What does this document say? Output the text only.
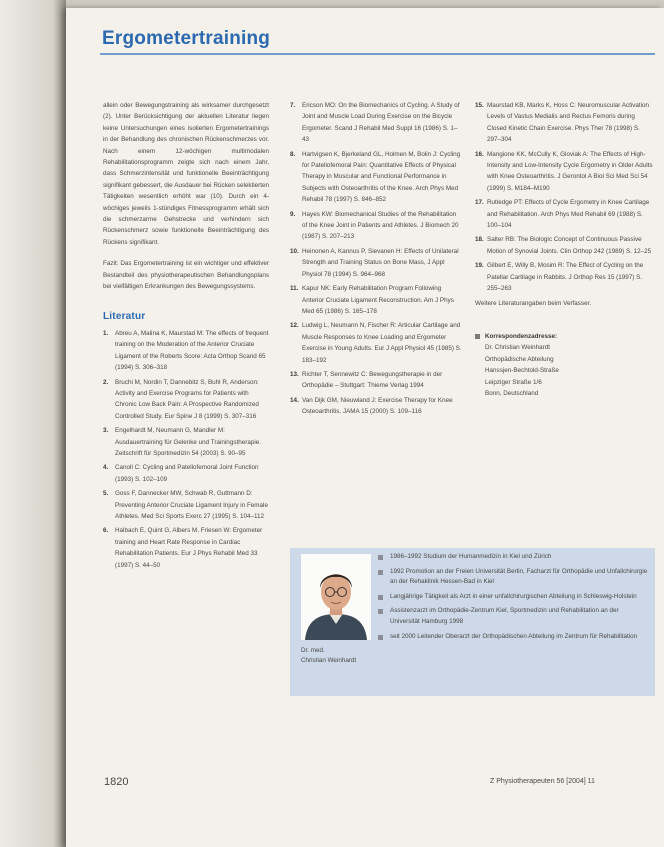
Ergometertraining

allein oder Bewegungstraining als wirksamer durchgesetzt (2). Unter Berücksichtigung der aktuellen Literatur liegen keine Untersuchungen eines isolierten Ergometertrainings in der Behandlung des chronischen Rückenschmerzes vor. Nach einem 12-wöchigen multimodalen Rehabilitationsprogramm zeigte sich nach einem Jahr, dass Schmerzintensität und funktionelle Beeinträchtigung signifikant gebessert, die Ausdauer bei Rücken selektierten Tätigkeiten wesentlich erhöht war (10). Durch ein 4-wöchiges jeweils 1-stündiges Fitnessprogramm erhält sich die schmerzarme Gehstrecke und verhindern sich Rückenschmerz sowie funktionelle Beeinträchtigung des Rückens signifikant.

Fazit: Das Ergometertraining ist ein wichtiger und effektiver Bestandteil des physiotherapeutischen Behandlungsplans bei vielfältigen Erkrankungen des Bewegungssystems.

Literatur
1.	Abreu A, Malina K, Maurstad M: The effects of frequent training on the Moderation of the Anterior Cruciate Ligament of the Roberts Score: Acta Orthop Scand 65 (1994) S. 306–318
2.	Bruchi M, Nordin T, Dannebitz S, Buhl R, Anderson: Activity and Exercise Programs for Patients with Chronic Low Back Pain: A Prospective Randomized Controlled Study. Eur Spine J 8 (1999) S. 307–316
3.	Engelhardt M, Neumann G, Mandler M: Ausdauertraining für Gelenke und Trainingstherapie. Zeitschrift für Sportmedizin 54 (2003) S. 90–95
4.	Canoll C: Cycling and Patellofemoral Joint Function (1993) S. 102–109
5.	Goss F, Dannecker MW, Schwab R, Guttmann D: Preventing Anterior Cruciate Ligament Injury in Female Athletes. Med Sci Sports Exerc 27 (1995) S. 104–112
6.	Halbach E, Quint G, Albers M, Friesen W: Ergometer training and Heart Rate Response in Cardiac Rehabilitation Patients. Eur J Phys Rehabil Med 33 (1997) S. 44–50
7.	Ericson MO: On the Biomechanics of Cycling. A Study of Joint and Muscle Load During Exercise on the Bicycle Ergometer. Scand J Rehabil Med Suppl 16 (1986) S. 1–43
8.	Hartvigsen K, Bjerkeland GL, Holmen M, Bolin J: Cycling for Patellofemoral Pain: Quantitative Effects of Physical Therapy in Muscular and Functional Performance in Subjects with Osteoarthritis of the Knee. Arch Phys Med Rehabil 78 (1997) S. 846–852
9.	Hayes KW: Biomechanical Studies of the Rehabilitation of the Knee Joint in Patients and Athletes. J Biomech 20 (1987) S. 207–213
10. Heinonen A, Kannus P, Sievanen H: Effects of Unilateral Strength and Training Status on Bone Mass, J Appl Physiol 78 (1994) S. 964–968
11. Kapur NK: Early Rehabilitation Program Following Anterior Cruciate Ligament Reconstruction. Am J Phys Med 65 (1986) S. 165–178
12. Ludwig L, Neumann N, Fischer R: Articular Cartilage and Muscle Responses to Knee Loading and Ergometer Exercise in Young Adults. Eur J Appl Physiol 45 (1985) S. 183–192
13. Richter T, Sennewitz C: Bewegungstherapie in der Orthopädie – Stuttgart: Thieme Verlag 1994
14. Van Dijk GM, Nieuwland J: Exercise Therapy for Knee Osteoarthritis. JAMA 15 (2000) S. 109–116
15. Maurstad KB, Marks K, Hoss C: Neuromuscular Activation Levels of Vastus Medialis and Rectus Femoris during Closed Kinetic Chain Exercise. Phys Ther 78 (1998) S. 297–304
16. Mangione KK, McCully K, Gloviak A: The Effects of High-Intensity and Low-Intensity Cycle Ergometry in Older Adults with Knee Osteoarthritis. J Gerontol A Biol Sci Med Sci 54 (1999) S. M184–M190
17. Rutledge PT: Effects of Cycle Ergometry in Knee Cartilage and Rehabilitation. Arch Phys Med Rehabil 69 (1988) S. 100–104
18. Salter RB: The Biologic Concept of Continuous Passive Motion of Synovial Joints. Clin Orthop 242 (1989) S. 12–25
19. Gilbert E, Willy B, Mosim R: The Effect of Cycling on the Patellar Cartilage in Rabbits. J Orthop Res 15 (1997) S. 255–263
Weitere Literaturangaben beim Verfasser.
Korrespondenzadresse:
Dr. Christian Weinhardt
Orthopädische Abteilung
Hanssjen-Bechtold-Straße
Leipziger Straße 1/6
Bonn, Deutschland
Dr. med.
Christian Weinhardt
1986–1992 Studium der Humanmedizin in Kiel und Zürich
1992 Promotion an der Freien Universität Berlin, Facharzt für Orthopädie und Unfallchirurgie an der Rehaklinik Hessen-Bad in Kiel
Langjährige Tätigkeit als Arzt in einer unfallchirurgischen Abteilung in Schleswig-Holstein
Assistenzarzt im Orthopädie-Zentrum Kiel, Sportmedizin und Rehabilitation an der Universität Hamburg 1998
seit 2000 Leitender Oberarzt der Orthopädischen Abteilung im Zentrum für Rehabilitation
1820	Z Physiotherapeuten 56 [2004] 11
